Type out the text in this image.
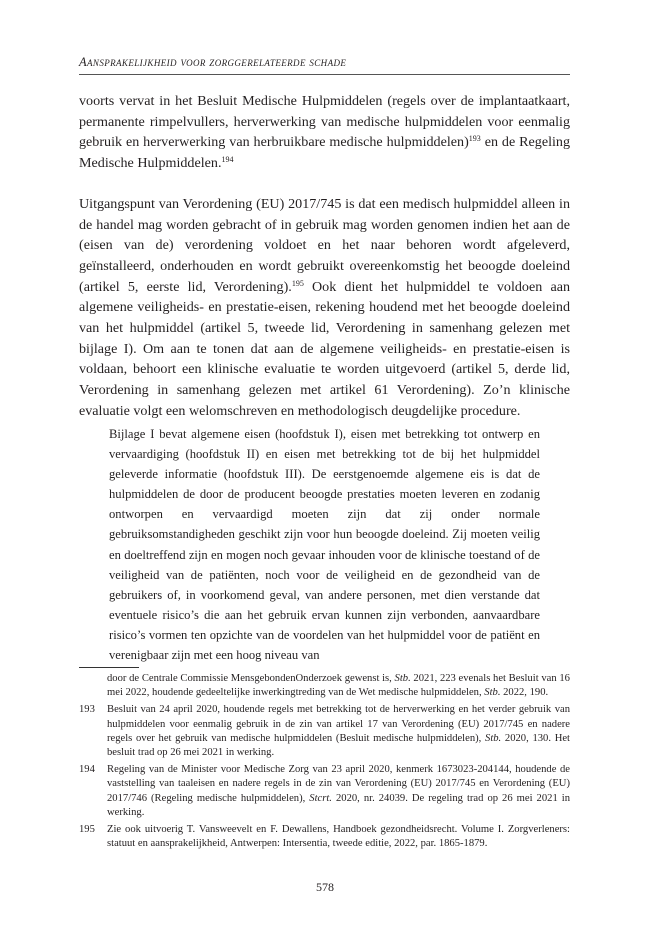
Aansprakelijkheid voor zorggerelateerde schade

voorts vervat in het Besluit Medische Hulpmiddelen (regels over de implantaatkaart, permanente rimpelvullers, herverwerking van medische hulpmiddelen voor eenmalig gebruik en herverwerking van herbruikbare medische hulpmiddelen)$^{193}$ en de Regeling Medische Hulpmiddelen.$^{194}$

Uitgangspunt van Verordening (EU) 2017/745 is dat een medisch hulpmiddel alleen in de handel mag worden gebracht of in gebruik mag worden genomen indien het aan de (eisen van de) verordening voldoet en het naar behoren wordt afgeleverd, geïnstalleerd, onderhouden en wordt gebruikt overeenkomstig het beoogde doeleind (artikel 5, eerste lid, Verordening).$^{195}$ Ook dient het hulpmiddel te voldoen aan algemene veiligheids- en prestatie-eisen, rekening houdend met het beoogde doeleind van het hulpmiddel (artikel 5, tweede lid, Verordening in samenhang gelezen met bijlage I). Om aan te tonen dat aan de algemene veiligheids- en prestatie-eisen is voldaan, behoort een klinische evaluatie te worden uitgevoerd (artikel 5, derde lid, Verordening in samenhang gelezen met artikel 61 Verordening). Zo’n klinische evaluatie volgt een welomschreven en methodologisch deugdelijke procedure.

Bijlage I bevat algemene eisen (hoofdstuk I), eisen met betrekking tot ontwerp en vervaardiging (hoofdstuk II) en eisen met betrekking tot de bij het hulpmiddel geleverde informatie (hoofdstuk III). De eerstgenoemde algemene eis is dat de hulpmiddelen de door de producent beoogde prestaties moeten leveren en zodanig ontworpen en vervaardigd moeten zijn dat zij onder normale gebruiksomstandigheden geschikt zijn voor hun beoogde doeleind. Zij moeten veilig en doeltreffend zijn en mogen noch gevaar inhouden voor de klinische toestand of de veiligheid van de patiënten, noch voor de veiligheid en de gezondheid van de gebruikers of, in voorkomend geval, van andere personen, met dien verstande dat eventuele risico’s die aan het gebruik ervan kunnen zijn verbonden, aanvaardbare risico’s vormen ten opzichte van de voordelen van het hulpmiddel voor de patiënt en verenigbaar zijn met een hoog niveau van

door de Centrale Commissie MensgebondenOnderzoek gewenst is, Stb. 2021, 223 evenals het Besluit van 16 mei 2022, houdende gedeeltelijke inwerkingtreding van de Wet medische hulpmiddelen, Stb. 2022, 190.
193	Besluit van 24 april 2020, houdende regels met betrekking tot de herverwerking en het verder gebruik van hulpmiddelen voor eenmalig gebruik in de zin van artikel 17 van Verordening (EU) 2017/745 en nadere regels over het gebruik van medische hulpmiddelen (Besluit medische hulpmiddelen), Stb. 2020, 130. Het besluit trad op 26 mei 2021 in werking.
194	Regeling van de Minister voor Medische Zorg van 23 april 2020, kenmerk 1673023-204144, houdende de vaststelling van taaleisen en nadere regels in de zin van Verordening (EU) 2017/745 en Verordening (EU) 2017/746 (Regeling medische hulpmiddelen), Stcrt. 2020, nr. 24039. De regeling trad op 26 mei 2021 in werking.
195	Zie ook uitvoerig T. Vansweevelt en F. Dewallens, Handboek gezondheidsrecht. Volume I. Zorgverleners: statuut en aansprakelijkheid, Antwerpen: Intersentia, tweede editie, 2022, par. 1865-1879.
578
